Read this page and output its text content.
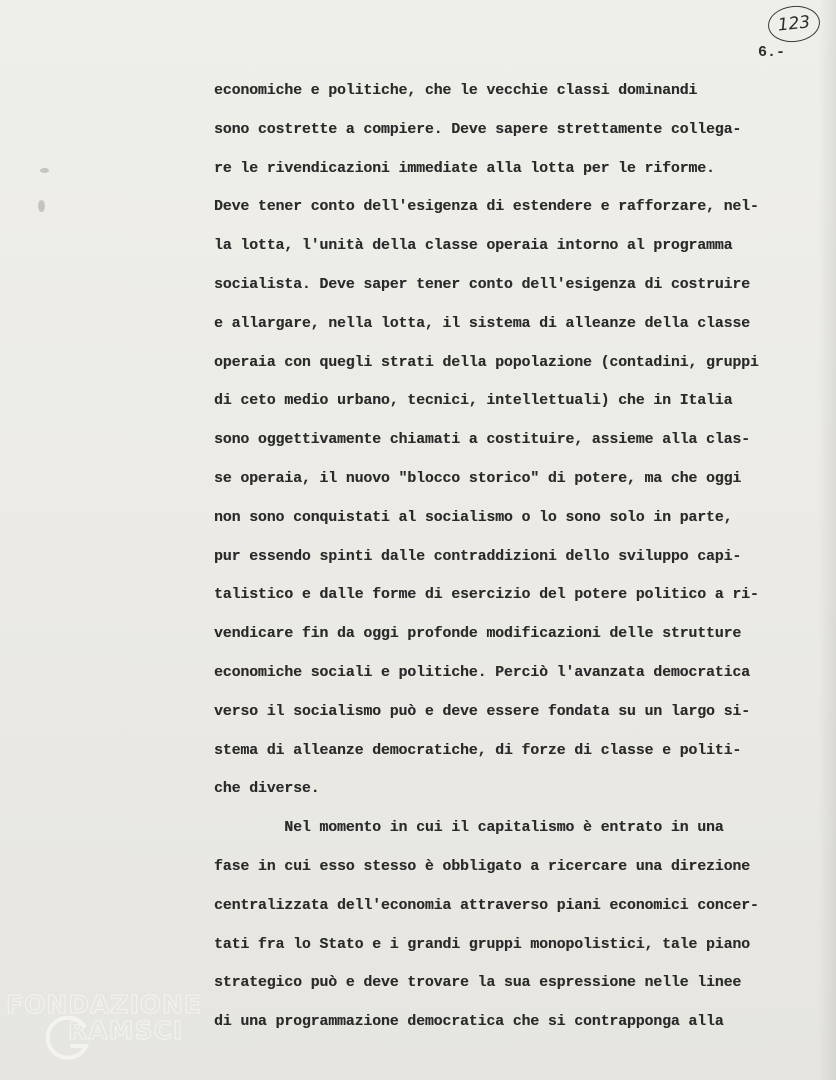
123
6.-
economiche e politiche, che le vecchie classi dominandi
sono costrette a compiere. Deve sapere strettamente collega-
re le rivendicazioni immediate alla lotta per le riforme.
Deve tener conto dell'esigenza di estendere e rafforzare, nel-
la lotta, l'unità della classe operaia intorno al programma
socialista. Deve saper tener conto dell'esigenza di costruire
e allargare, nella lotta, il sistema di alleanze della classe
operaia con quegli strati della popolazione (contadini, gruppi
di ceto medio urbano, tecnici, intellettuali) che in Italia
sono oggettivamente chiamati a costituire, assieme alla clas-
se operaia, il nuovo "blocco storico" di potere, ma che oggi
non sono conquistati al socialismo o lo sono solo in parte,
pur essendo spinti dalle contraddizioni dello sviluppo capi-
talistico e dalle forme di esercizio del potere politico a ri-
vendicare fin da oggi profonde modificazioni delle strutture
economiche sociali e politiche. Perciò l'avanzata democratica
verso il socialismo può e deve essere fondata su un largo si-
stema di alleanze democratiche, di forze di classe e politi-
che diverse.
Nel momento in cui il capitalismo è entrato in una
fase in cui esso stesso è obbligato a ricercare una direzione
centralizzata dell'economia attraverso piani economici concer-
tati fra lo Stato e i grandi gruppi monopolistici, tale piano
strategico può e deve trovare la sua espressione nelle linee
di una programmazione democratica che si contrapponga alla
FONDAZIONE
RAMSCI
